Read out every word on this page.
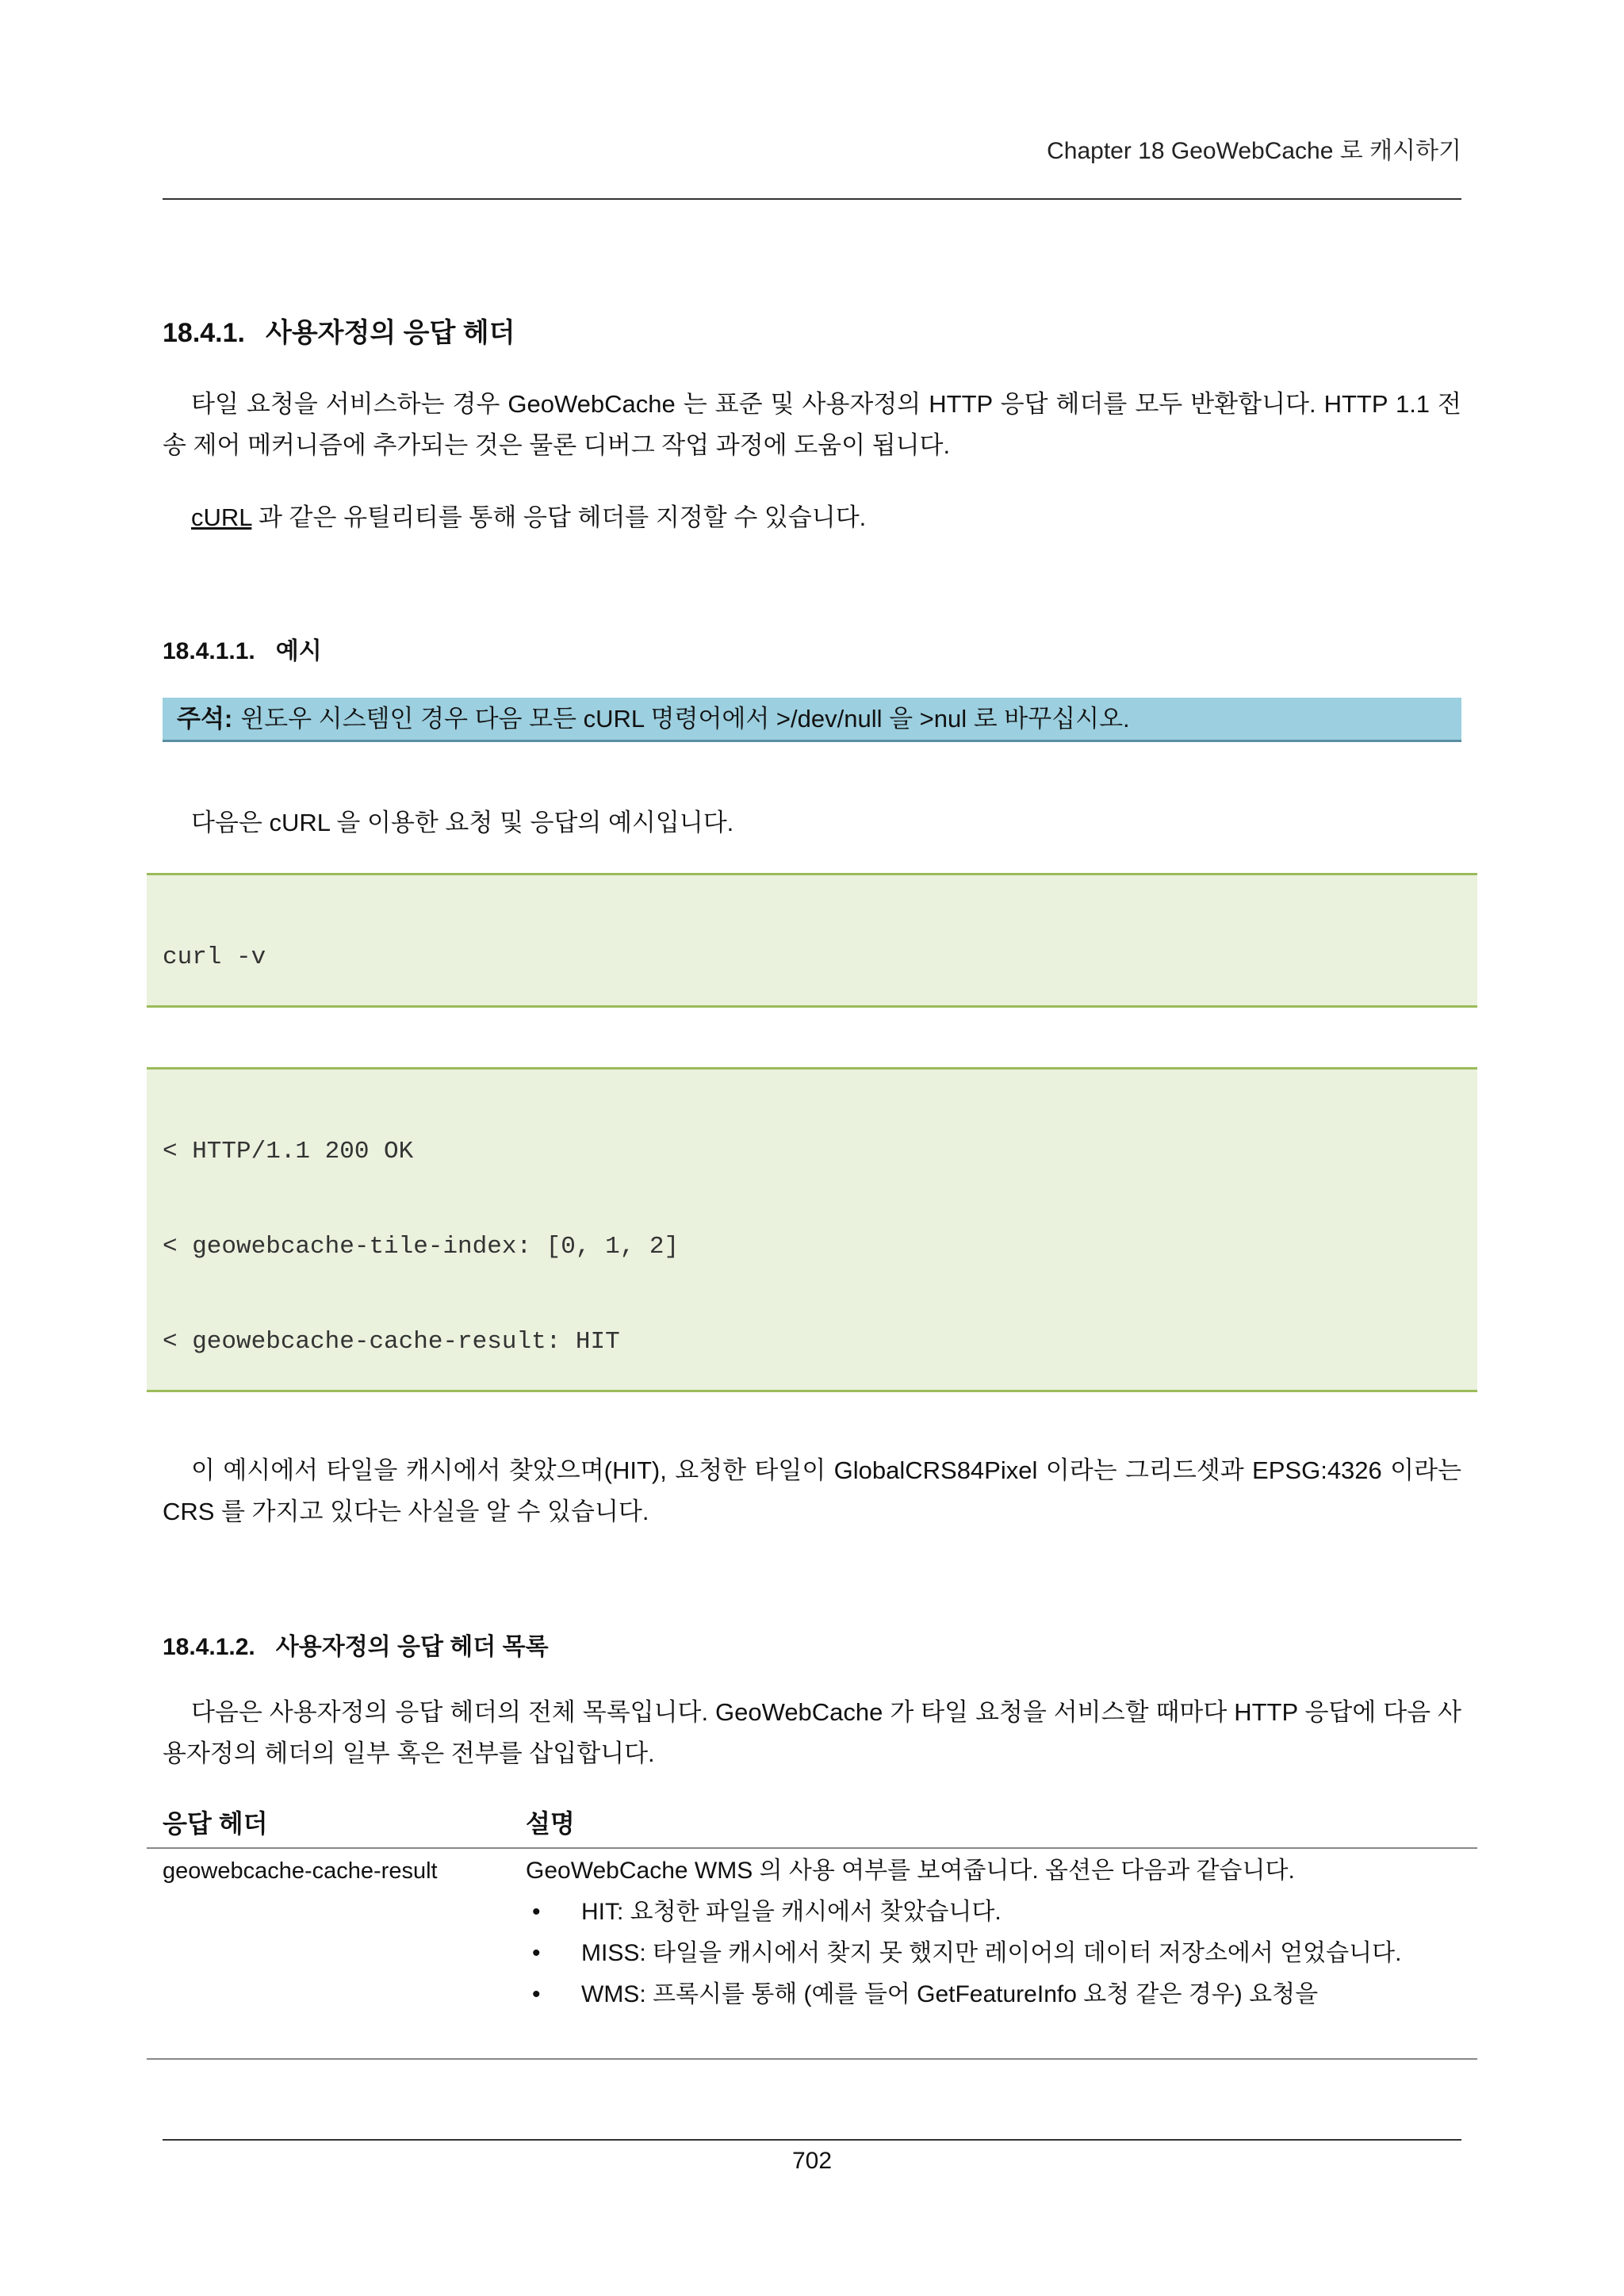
Chapter 18 GeoWebCache 로 캐시하기
18.4.1. 사용자정의 응답 헤더
타일 요청을 서비스하는 경우 GeoWebCache 는 표준 및 사용자정의 HTTP 응답 헤더를 모두 반환합니다. HTTP 1.1 전송 제어 메커니즘에 추가되는 것은 물론 디버그 작업 과정에 도움이 됩니다.
cURL 과 같은 유틸리티를 통해 응답 헤더를 지정할 수 있습니다.
18.4.1.1. 예시
주석: 윈도우 시스템인 경우 다음 모든 cURL 명령어에서 >/dev/null 을 >nul 로 바꾸십시오.
다음은 cURL 을 이용한 요청 및 응답의 예시입니다.

curl -v

< HTTP/1.1 200 OK

< geowebcache-tile-index: [0, 1, 2]

< geowebcache-cache-result: HIT

이 예시에서 타일을 캐시에서 찾았으며(HIT), 요청한 타일이 GlobalCRS84Pixel 이라는 그리드셋과 EPSG:4326 이라는 CRS 를 가지고 있다는 사실을 알 수 있습니다.
18.4.1.2. 사용자정의 응답 헤더 목록
다음은 사용자정의 응답 헤더의 전체 목록입니다. GeoWebCache 가 타일 요청을 서비스할 때마다 HTTP 응답에 다음 사용자정의 헤더의 일부 혹은 전부를 삽입합니다.
응답 헤더	설명
geowebcache-cache-result	GeoWebCache WMS 의 사용 여부를 보여줍니다. 옵션은 다음과 같습니다.
• HIT: 요청한 파일을 캐시에서 찾았습니다.
• MISS: 타일을 캐시에서 찾지 못 했지만 레이어의 데이터 저장소에서 얻었습니다.
• WMS: 프록시를 통해 (예를 들어 GetFeatureInfo 요청 같은 경우) 요청을
702
